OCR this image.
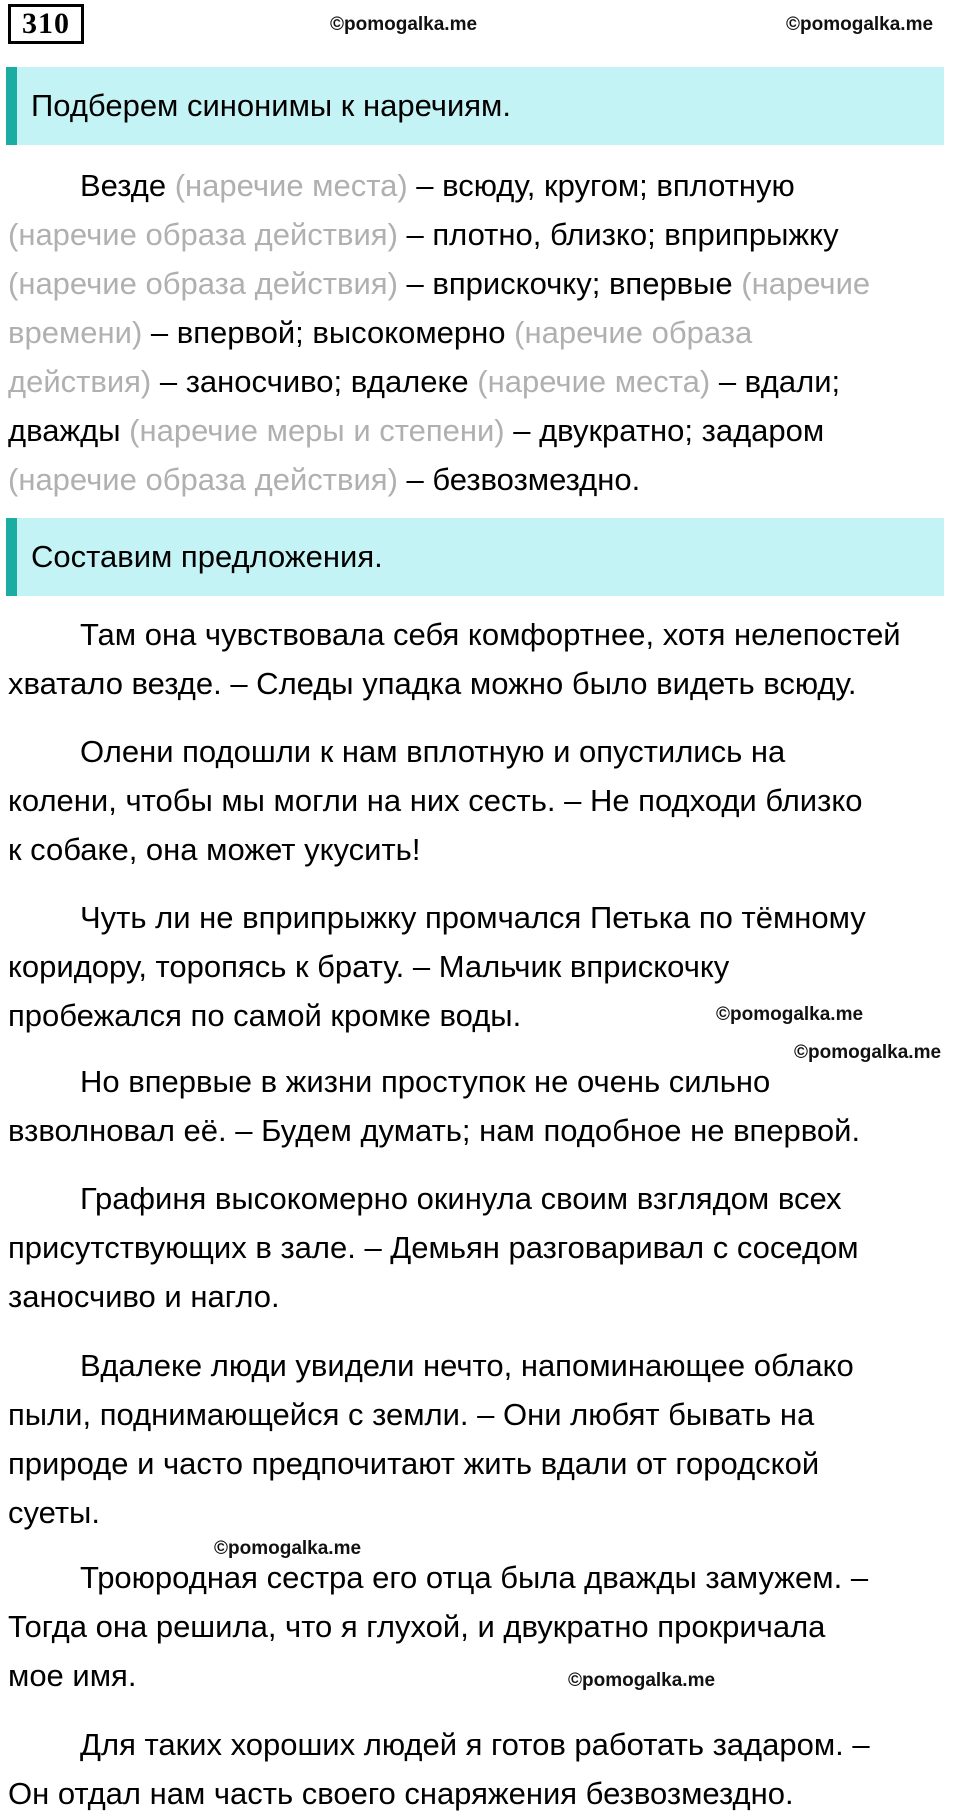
310	©pomogalka.me	©pomogalka.me
Подберем синонимы к наречиям.

Везде (наречие места) – всюду, кругом; вплотную
(наречие образа действия) – плотно, близко; вприпрыжку
(наречие образа действия) – вприскочку; впервые (наречие
времени) – впервой; высокомерно (наречие образа
действия) – заносчиво; вдалеке (наречие места) – вдали;
дважды (наречие меры и степени) – двукратно; задаром
(наречие образа действия) – безвозмездно.

Составим предложения.

Там она чувствовала себя комфортнее, хотя нелепостей
хватало везде. – Следы упадка можно было видеть всюду.

Олени подошли к нам вплотную и опустились на
колени, чтобы мы могли на них сесть. – Не подходи близко
к собаке, она может укусить!

Чуть ли не вприпрыжку промчался Петька по тёмному
коридору, торопясь к брату. – Мальчик вприскочку
пробежался по самой кромке воды.

Но впервые в жизни проступок не очень сильно
взволновал её. – Будем думать; нам подобное не впервой.

Графиня высокомерно окинула своим взглядом всех
присутствующих в зале. – Демьян разговаривал с соседом
заносчиво и нагло.

Вдалеке люди увидели нечто, напоминающее облако
пыли, поднимающейся с земли. – Они любят бывать на
природе и часто предпочитают жить вдали от городской
суеты.

Троюродная сестра его отца была дважды замужем. –
Тогда она решила, что я глухой, и двукратно прокричала
мое имя.

Для таких хороших людей я готов работать задаром. –
Он отдал нам часть своего снаряжения безвозмездно.

©pomogalka.me
©pomogalka.me
©pomogalka.me
©pomogalka.me
